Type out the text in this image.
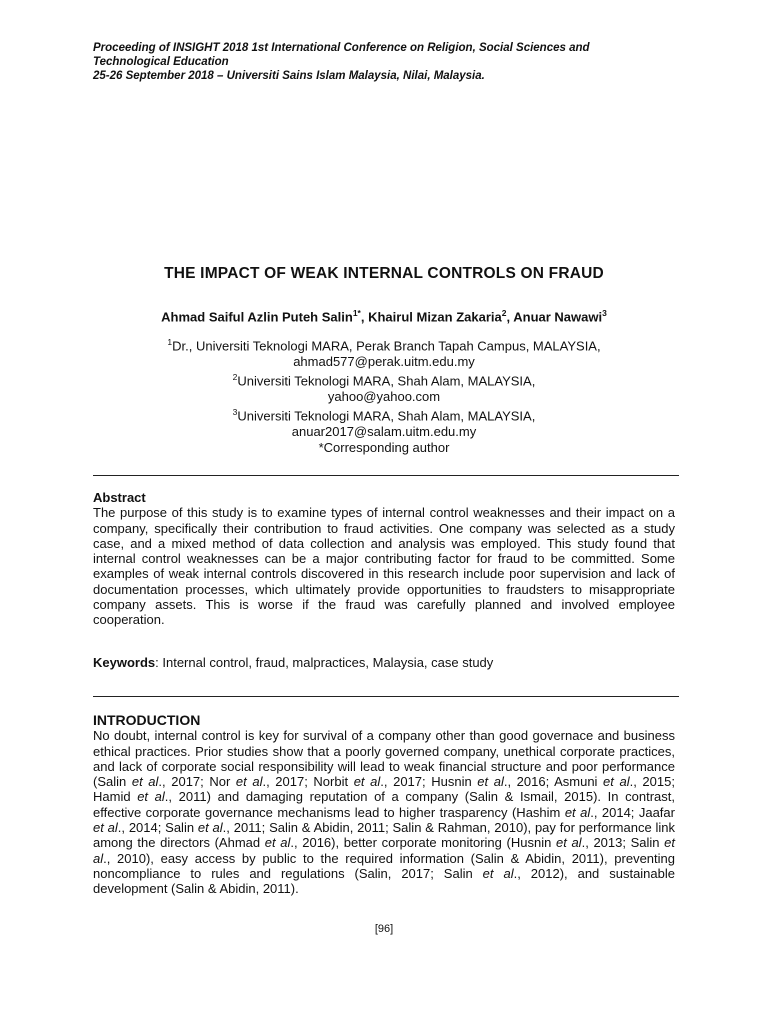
Proceeding of INSIGHT 2018 1st International Conference on Religion, Social Sciences and
Technological Education
25-26 September 2018 – Universiti Sains Islam Malaysia, Nilai, Malaysia.
THE IMPACT OF WEAK INTERNAL CONTROLS ON FRAUD
Ahmad Saiful Azlin Puteh Salin$^{1*}$, Khairul Mizan Zakaria$^2$, Anuar Nawawi$^3$
$^1$Dr., Universiti Teknologi MARA, Perak Branch Tapah Campus, MALAYSIA,
ahmad577@perak.uitm.edu.my
$^2$Universiti Teknologi MARA, Shah Alam, MALAYSIA,
yahoo@yahoo.com
$^3$Universiti Teknologi MARA, Shah Alam, MALAYSIA,
anuar2017@salam.uitm.edu.my
*Corresponding author
Abstract
The purpose of this study is to examine types of internal control weaknesses and their impact on a company, specifically their contribution to fraud activities. One company was selected as a study case, and a mixed method of data collection and analysis was employed. This study found that internal control weaknesses can be a major contributing factor for fraud to be committed. Some examples of weak internal controls discovered in this research include poor supervision and lack of documentation processes, which ultimately provide opportunities to fraudsters to misappropriate company assets. This is worse if the fraud was carefully planned and involved employee cooperation.
Keywords: Internal control, fraud, malpractices, Malaysia, case study
INTRODUCTION
No doubt, internal control is key for survival of a company other than good governace and business ethical practices. Prior studies show that a poorly governed company, unethical corporate practices, and lack of corporate social responsibility will lead to weak financial structure and poor performance (Salin et al., 2017; Nor et al., 2017; Norbit et al., 2017; Husnin et al., 2016; Asmuni et al., 2015; Hamid et al., 2011) and damaging reputation of a company (Salin & Ismail, 2015). In contrast, effective corporate governance mechanisms lead to higher trasparency (Hashim et al., 2014; Jaafar et al., 2014; Salin et al., 2011; Salin & Abidin, 2011; Salin & Rahman, 2010), pay for performance link among the directors (Ahmad et al., 2016), better corporate monitoring (Husnin et al., 2013; Salin et al., 2010), easy access by public to the required information (Salin & Abidin, 2011), preventing noncompliance to rules and regulations (Salin, 2017; Salin et al., 2012), and sustainable development (Salin & Abidin, 2011).
[96]
